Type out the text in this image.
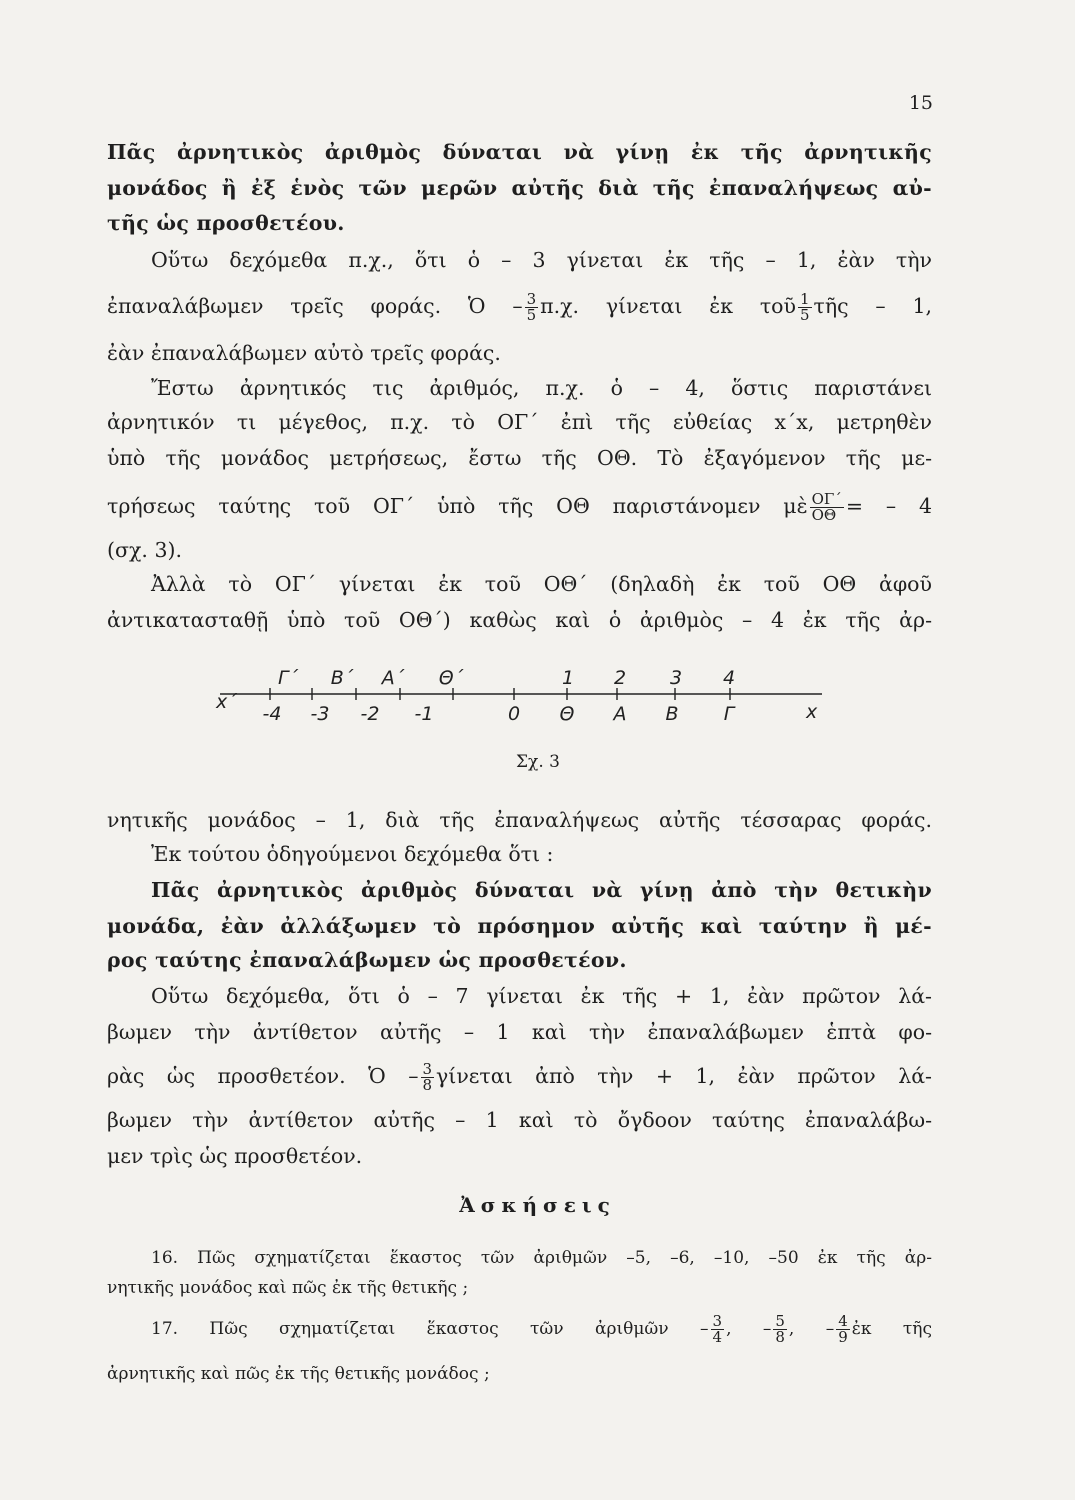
15
Πᾶς ἀρνητικὸς ἀριθμὸς δύναται νὰ γίνῃ ἐκ τῆς ἀρνητικῆς
μονάδος ἢ ἐξ ἑνὸς τῶν μερῶν αὐτῆς διὰ τῆς ἐπαναλήψεως αὐ-
τῆς ὡς προσθετέου.
Οὕτω δεχόμεθα π.χ., ὅτι ὁ – 3 γίνεται ἐκ τῆς – 1, ἐὰν τὴν
ἐπαναλάβωμεν τρεῖς φοράς. Ὁ – $\frac{3}{5} \pi.\chi$. γίνεται ἐκ τοῦ $\frac{1}{5}$ τῆς – 1,
ἐὰν ἐπαναλάβωμεν αὐτὸ τρεῖς φοράς.
Ἔστω ἀρνητικός τις ἀριθμός, π.χ. ὁ – 4, ὅστις παριστάνει
ἀρνητικόν τι μέγεθος, π.χ. τὸ ΟΓ΄ ἐπὶ τῆς εὐθείας x΄x, μετρηθὲν
ὑπὸ τῆς μονάδος μετρήσεως, ἔστω τῆς ΟΘ. Τὸ ἐξαγόμενον τῆς με-
τρήσεως ταύτης τοῦ ΟΓ΄ ὑπὸ τῆς ΟΘ παριστάνομεν μὲ $\frac{O\Gamma΄}{O\Theta}$ = – 4
(σχ. 3).
Ἀλλὰ τὸ ΟΓ΄ γίνεται ἐκ τοῦ ΟΘ΄ (δηλαδὴ ἐκ τοῦ ΟΘ ἀφοῦ
ἀντικατασταθῇ ὑπὸ τοῦ ΟΘ΄) καθὼς καὶ ὁ ἀριθμὸς – 4 ἐκ τῆς ἀρ-
Γ΄ Β΄ Α΄ Θ΄	1 2 3 4
-4 -3 -2 -1	0 Θ Α Β Γ
x΄	x
Σχ. 3
νητικῆς μονάδος – 1, διὰ τῆς ἐπαναλήψεως αὐτῆς τέσσαρας φοράς.
Ἐκ τούτου ὁδηγούμενοι δεχόμεθα ὅτι :
Πᾶς ἀρνητικὸς ἀριθμὸς δύναται νὰ γίνῃ ἀπὸ τὴν θετικὴν
μονάδα, ἐὰν ἀλλάξωμεν τὸ πρόσημον αὐτῆς καὶ ταύτην ἢ μέ-
ρος ταύτης ἐπαναλάβωμεν ὡς προσθετέον.
Οὕτω δεχόμεθα, ὅτι ὁ – 7 γίνεται ἐκ τῆς + 1, ἐὰν πρῶτον λά-
βωμεν τὴν ἀντίθετον αὐτῆς – 1 καὶ τὴν ἐπαναλάβωμεν ἑπτὰ φο-
ρὰς ὡς προσθετέον. Ὁ – $\frac{3}{8}$ γίνεται ἀπὸ τὴν + 1, ἐὰν πρῶτον λά-
βωμεν τὴν ἀντίθετον αὐτῆς – 1 καὶ τὸ ὄγδοον ταύτης ἐπαναλάβω-
μεν τρὶς ὡς προσθετέον.
Ἀσκήσεις
16. Πῶς σχηματίζεται ἕκαστος τῶν ἀριθμῶν –5, –6, –10, –50 ἐκ τῆς ἀρ-
νητικῆς μονάδος καὶ πῶς ἐκ τῆς θετικῆς ;
17. Πῶς σχηματίζεται ἕκαστος τῶν ἀριθμῶν – $\frac{3}{4}$ , – $\frac{5}{8}$ , – $\frac{4}{9}$ ἐκ τῆς
ἀρνητικῆς καὶ πῶς ἐκ τῆς θετικῆς μονάδος ;
